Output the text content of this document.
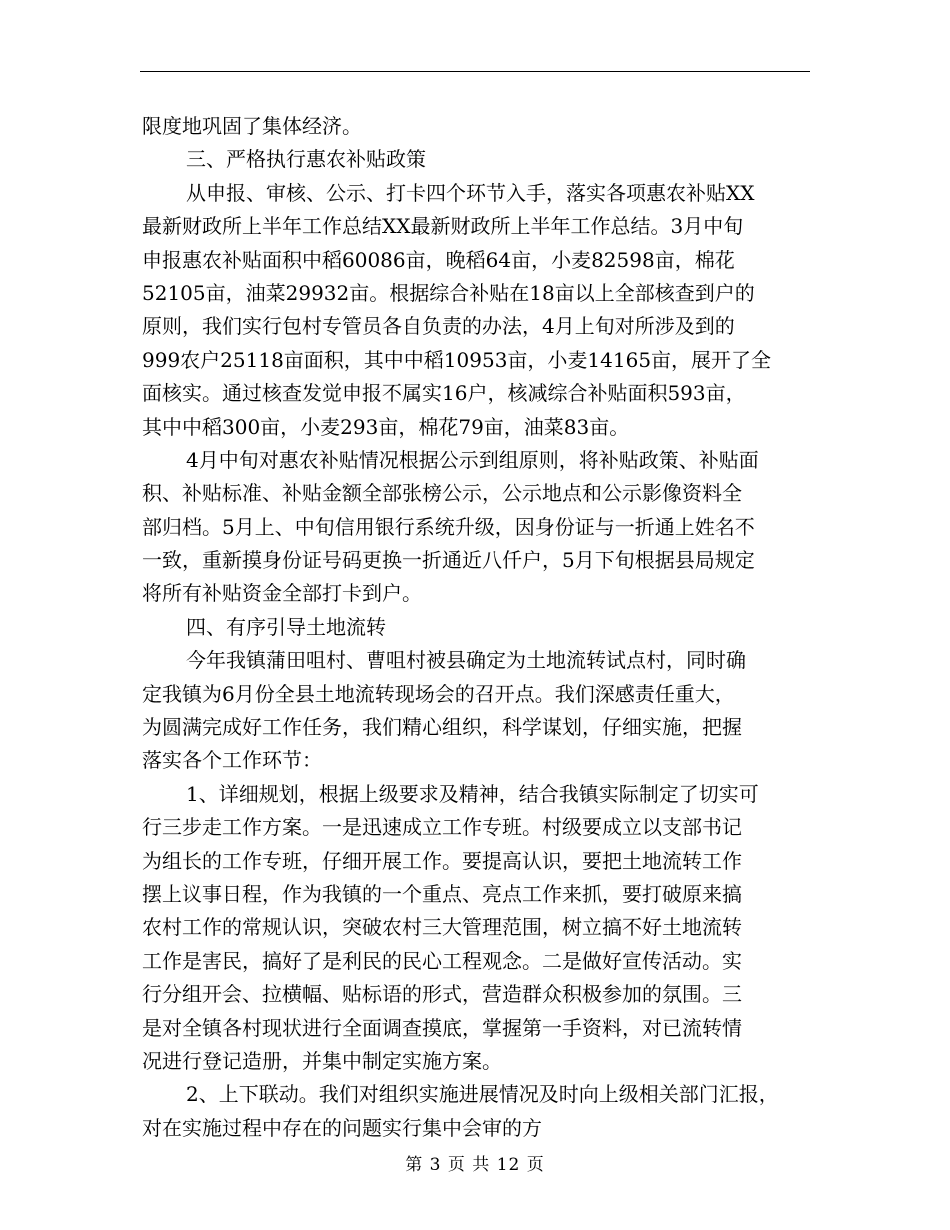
限度地巩固了集体经济。
三、严格执行惠农补贴政策
从申报、审核、公示、打卡四个环节入手，落实各项惠农补贴XX
最新财政所上半年工作总结XX最新财政所上半年工作总结。3月中旬
申报惠农补贴面积中稻60086亩，晚稻64亩，小麦82598亩，棉花
52105亩，油菜29932亩。根据综合补贴在18亩以上全部核查到户的
原则，我们实行包村专管员各自负责的办法，4月上旬对所涉及到的
999农户25118亩面积，其中中稻10953亩，小麦14165亩，展开了全
面核实。通过核查发觉申报不属实16户，核减综合补贴面积593亩，
其中中稻300亩，小麦293亩，棉花79亩，油菜83亩。
4月中旬对惠农补贴情况根据公示到组原则，将补贴政策、补贴面
积、补贴标准、补贴金额全部张榜公示，公示地点和公示影像资料全
部归档。5月上、中旬信用银行系统升级，因身份证与一折通上姓名不
一致，重新摸身份证号码更换一折通近八仟户，5月下旬根据县局规定
将所有补贴资金全部打卡到户。
四、有序引导土地流转
今年我镇蒲田咀村、曹咀村被县确定为土地流转试点村，同时确
定我镇为6月份全县土地流转现场会的召开点。我们深感责任重大，
为圆满完成好工作任务，我们精心组织，科学谋划，仔细实施，把握
落实各个工作环节：
1、详细规划，根据上级要求及精神，结合我镇实际制定了切实可
行三步走工作方案。一是迅速成立工作专班。村级要成立以支部书记
为组长的工作专班，仔细开展工作。要提高认识，要把土地流转工作
摆上议事日程，作为我镇的一个重点、亮点工作来抓，要打破原来搞
农村工作的常规认识，突破农村三大管理范围，树立搞不好土地流转
工作是害民，搞好了是利民的民心工程观念。二是做好宣传活动。实
行分组开会、拉横幅、贴标语的形式，营造群众积极参加的氛围。三
是对全镇各村现状进行全面调查摸底，掌握第一手资料，对已流转情
况进行登记造册，并集中制定实施方案。
2、上下联动。我们对组织实施进展情况及时向上级相关部门汇报，
对在实施过程中存在的问题实行集中会审的方
第 3 页 共 12 页
